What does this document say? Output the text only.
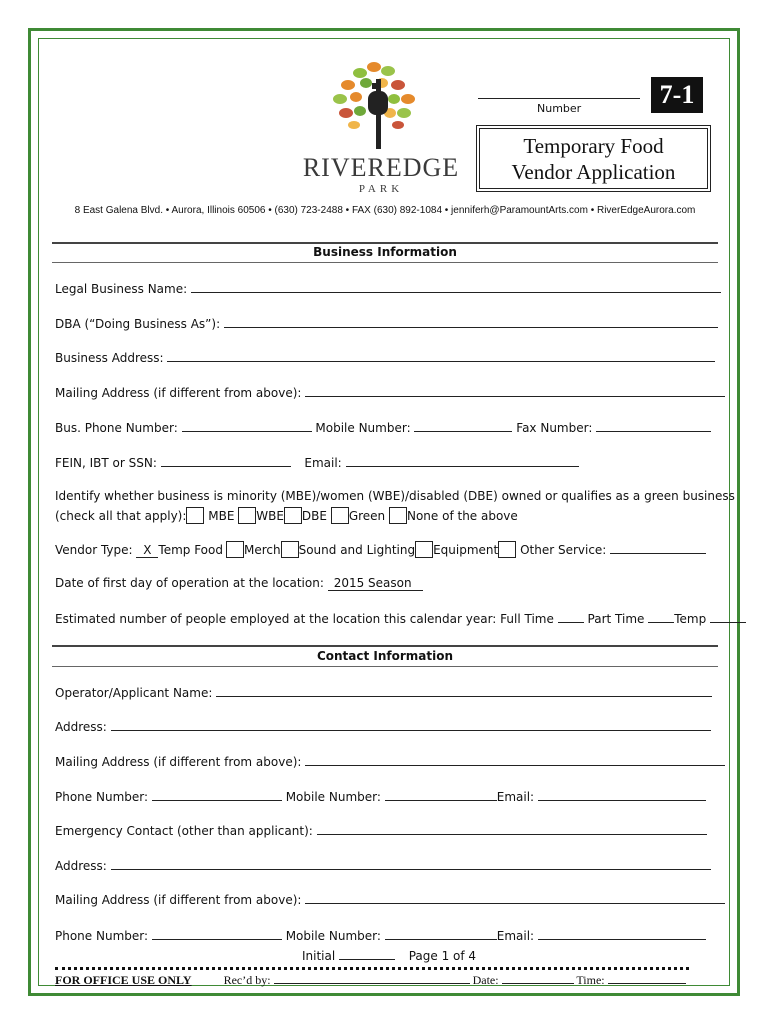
RIVEREDGE
PARK
Number	7-1
Temporary Food
Vendor Application
8 East Galena Blvd. • Aurora, Illinois 60506 • (630) 723-2488 • FAX (630) 892-1084 • jenniferh@ParamountArts.com • RiverEdgeAurora.com
Business Information
Legal Business Name:
DBA (“Doing Business As”):
Business Address:
Mailing Address (if different from above):
Bus. Phone Number:	Mobile Number:	Fax Number:
FEIN, IBT or SSN:	Email:
Identify whether business is minority (MBE)/women (WBE)/disabled (DBE) owned or qualifies as a green business
(check all that apply): MBE WBE DBE Green None of the above
Vendor Type: X Temp Food Merch Sound and Lighting Equipment Other Service:
Date of first day of operation at the location: 2015 Season
Estimated number of people employed at the location this calendar year: Full Time	Part Time Temp
Contact Information
Operator/Applicant Name:
Address:
Mailing Address (if different from above):
Phone Number:	Mobile Number:	Email:
Emergency Contact (other than applicant):
Address:
Mailing Address (if different from above):
Phone Number:	Mobile Number:	Email:
Initial	Page 1 of 4
FOR OFFICE USE ONLY	Rec’d by:	Date:	Time:
